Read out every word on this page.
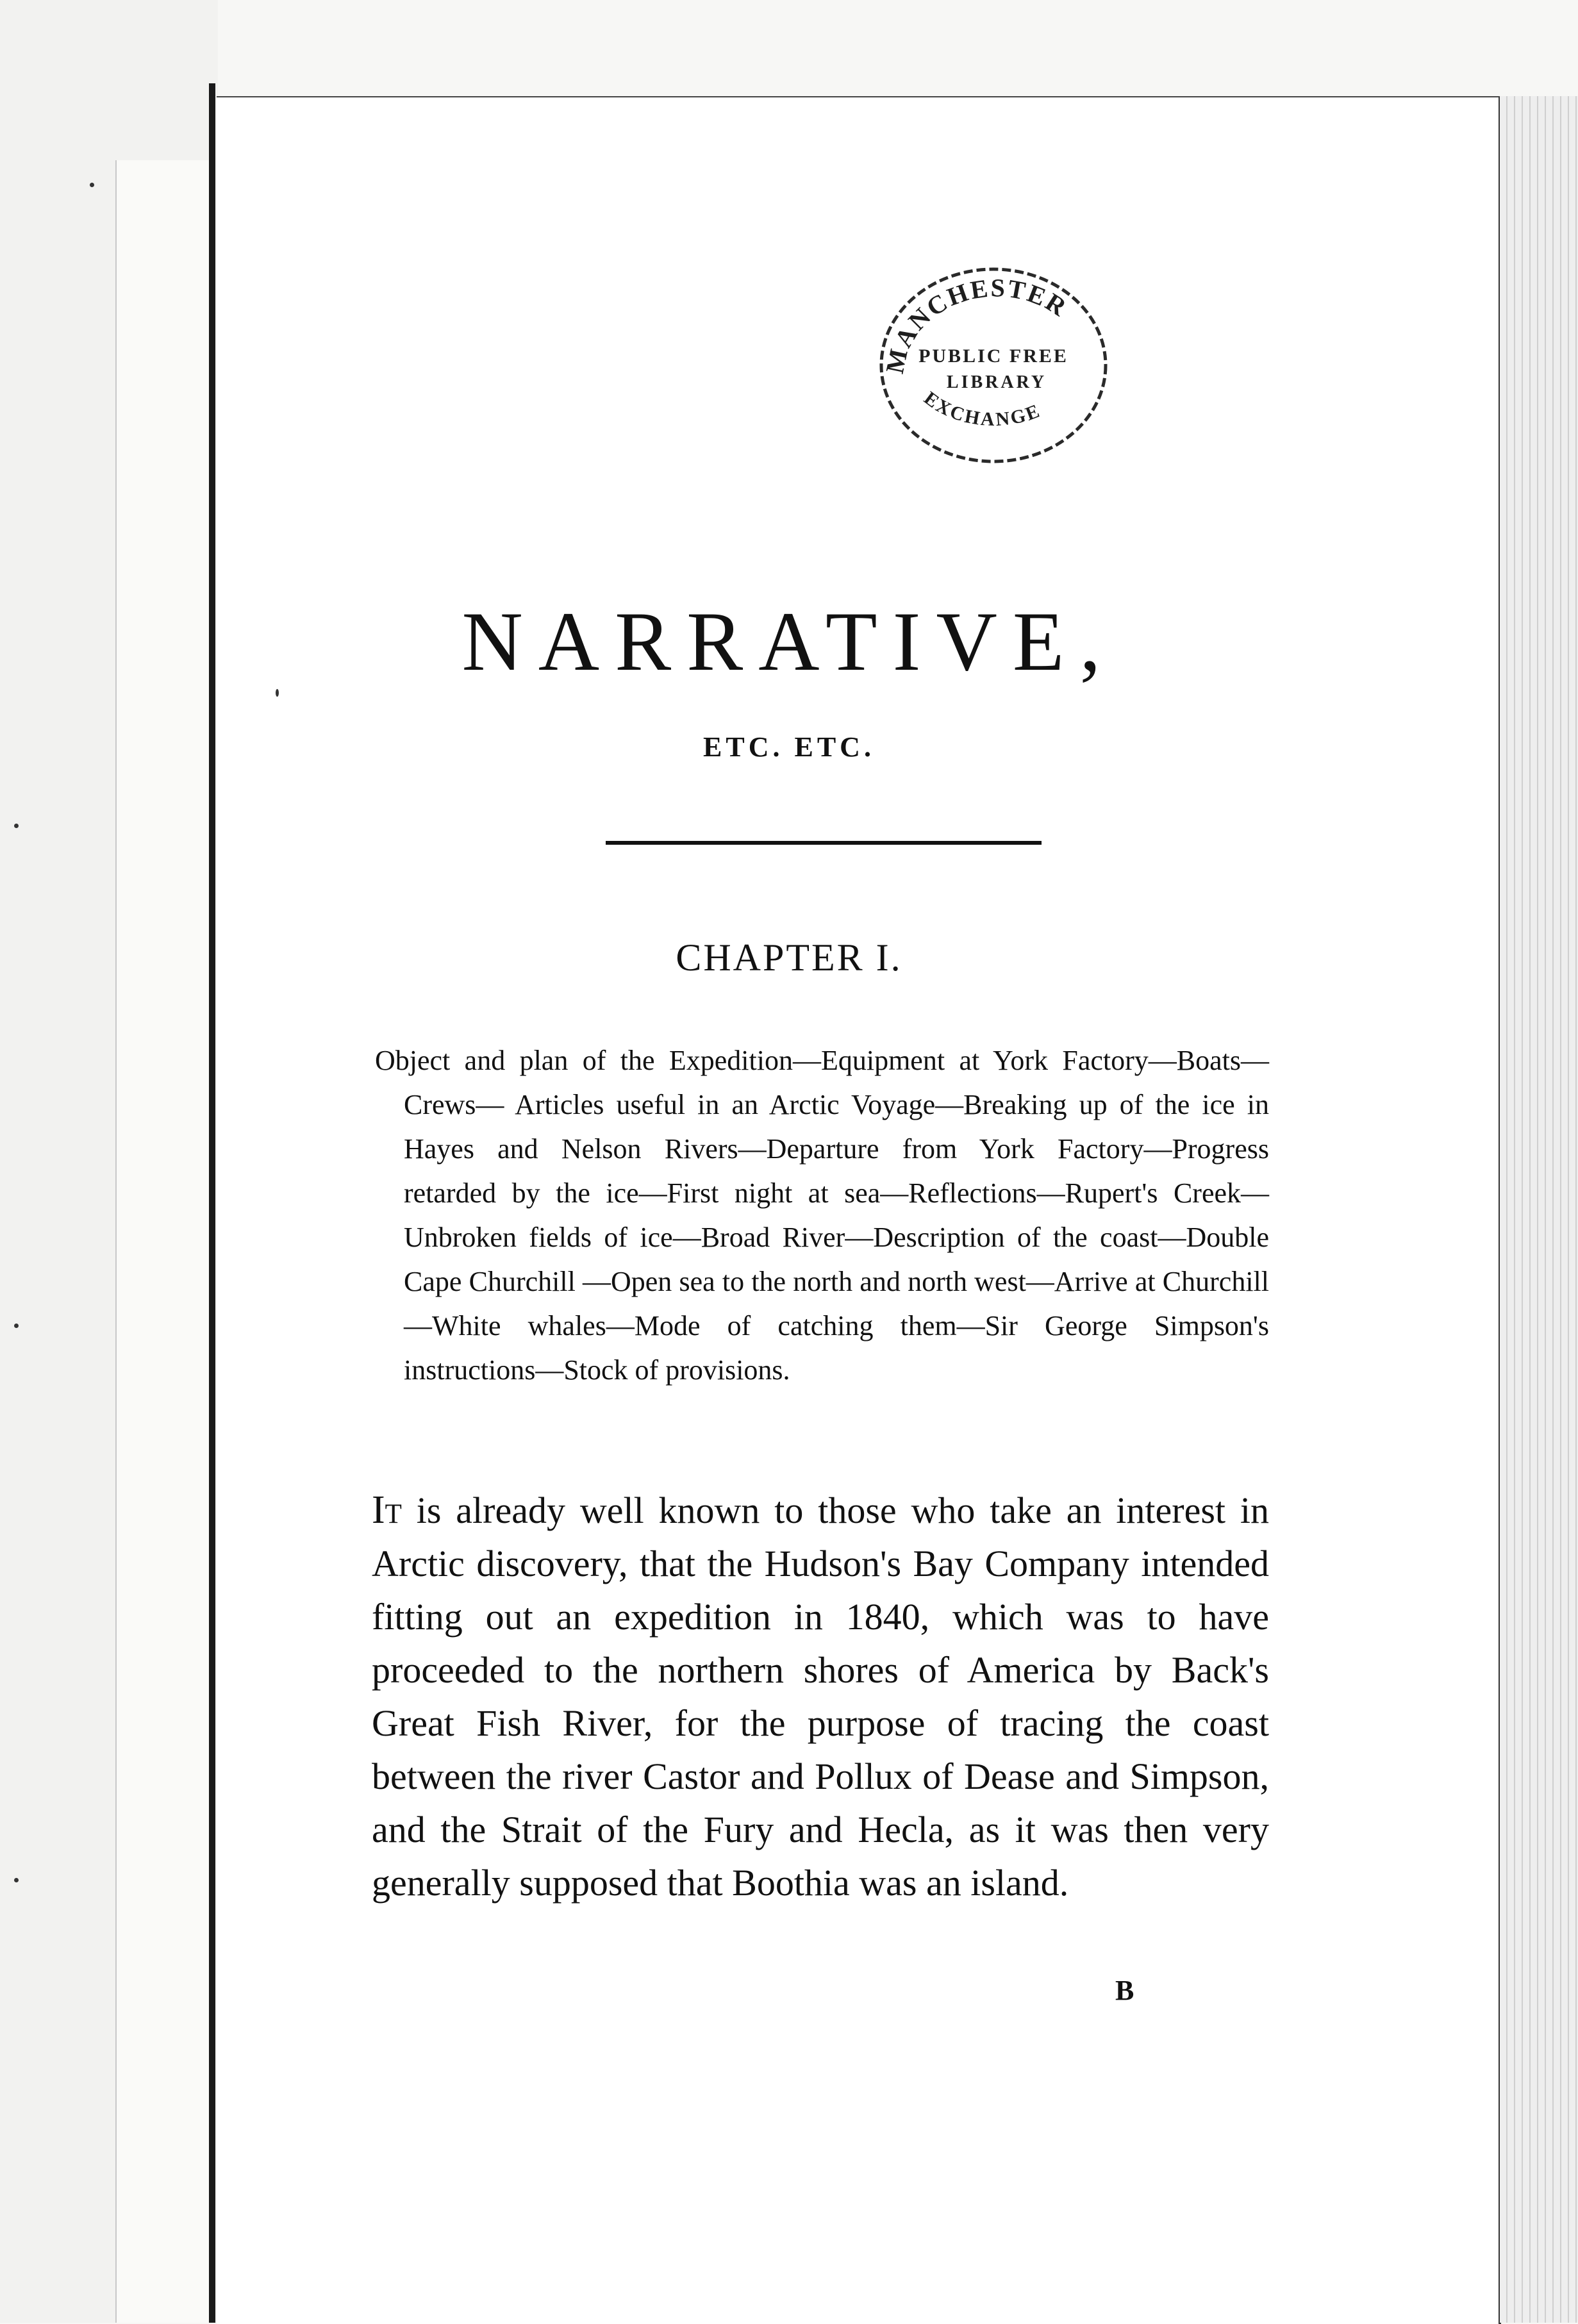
MANCHESTER
PUBLIC FREE
LIBRARY
EXCHANGE
NARRATIVE,
ETC. ETC.
CHAPTER I.
Object and plan of the Expedition—Equipment at York Factory—Boats—Crews— Articles useful in an Arctic Voyage—Breaking up of the ice in Hayes and Nelson Rivers—Departure from York Factory—Progress retarded by the ice—First night at sea—Reflections—Rupert's Creek—Unbroken fields of ice—Broad River—Description of the coast—Double Cape Churchill —Open sea to the north and north west—Arrive at Churchill—White whales—Mode of catching them—Sir George Simpson's instructions—Stock of provisions.
It is already well known to those who take an interest in Arctic discovery, that the Hudson's Bay Company intended fitting out an expedition in 1840, which was to have proceeded to the northern shores of America by Back's Great Fish River, for the purpose of tracing the coast between the river Castor and Pollux of Dease and Simpson, and the Strait of the Fury and Hecla, as it was then very generally supposed that Boothia was an island.
B
